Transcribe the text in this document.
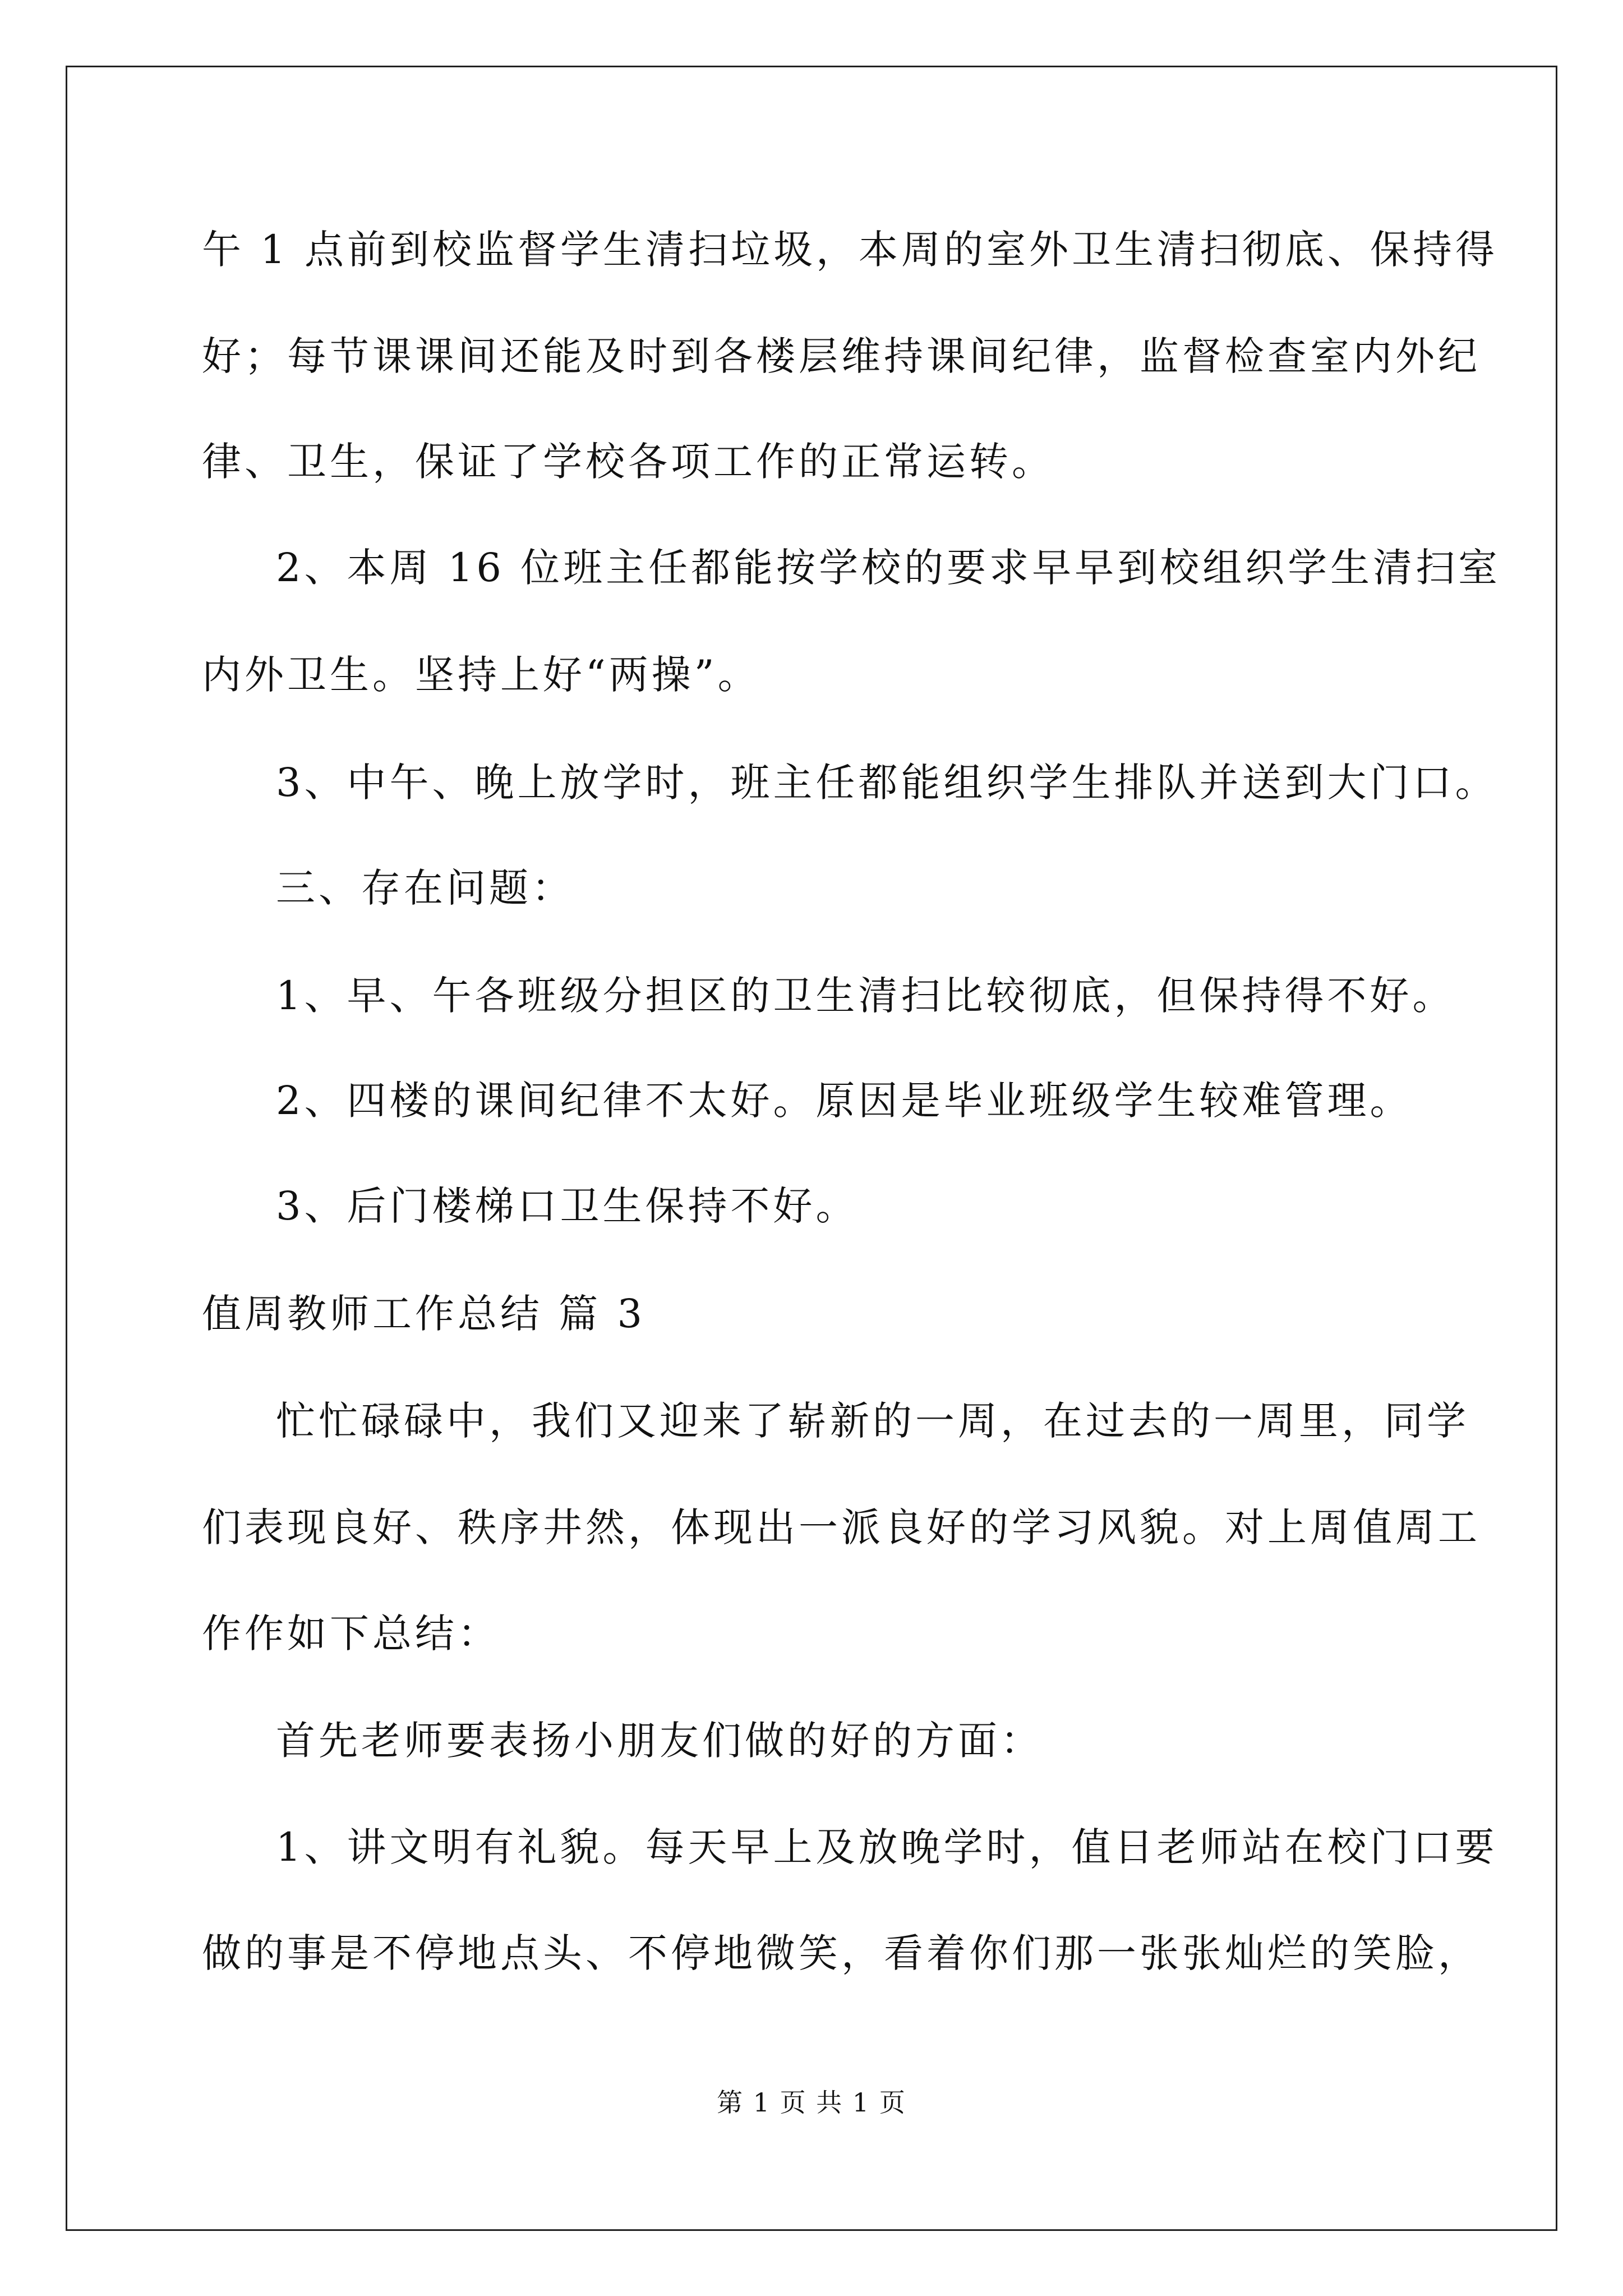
午 1 点前到校监督学生清扫垃圾，本周的室外卫生清扫彻底、保持得
好；每节课课间还能及时到各楼层维持课间纪律，监督检查室内外纪
律、卫生，保证了学校各项工作的正常运转。
2、本周 16 位班主任都能按学校的要求早早到校组织学生清扫室
内外卫生。坚持上好“两操”。
3、中午、晚上放学时，班主任都能组织学生排队并送到大门口。
三、存在问题：
1、早、午各班级分担区的卫生清扫比较彻底，但保持得不好。
2、四楼的课间纪律不太好。原因是毕业班级学生较难管理。
3、后门楼梯口卫生保持不好。
值周教师工作总结 篇 3
忙忙碌碌中，我们又迎来了崭新的一周，在过去的一周里，同学
们表现良好、秩序井然，体现出一派良好的学习风貌。对上周值周工
作作如下总结：
首先老师要表扬小朋友们做的好的方面：
1、讲文明有礼貌。每天早上及放晚学时，值日老师站在校门口要
做的事是不停地点头、不停地微笑，看着你们那一张张灿烂的笑脸，
第 1 页 共 1 页
